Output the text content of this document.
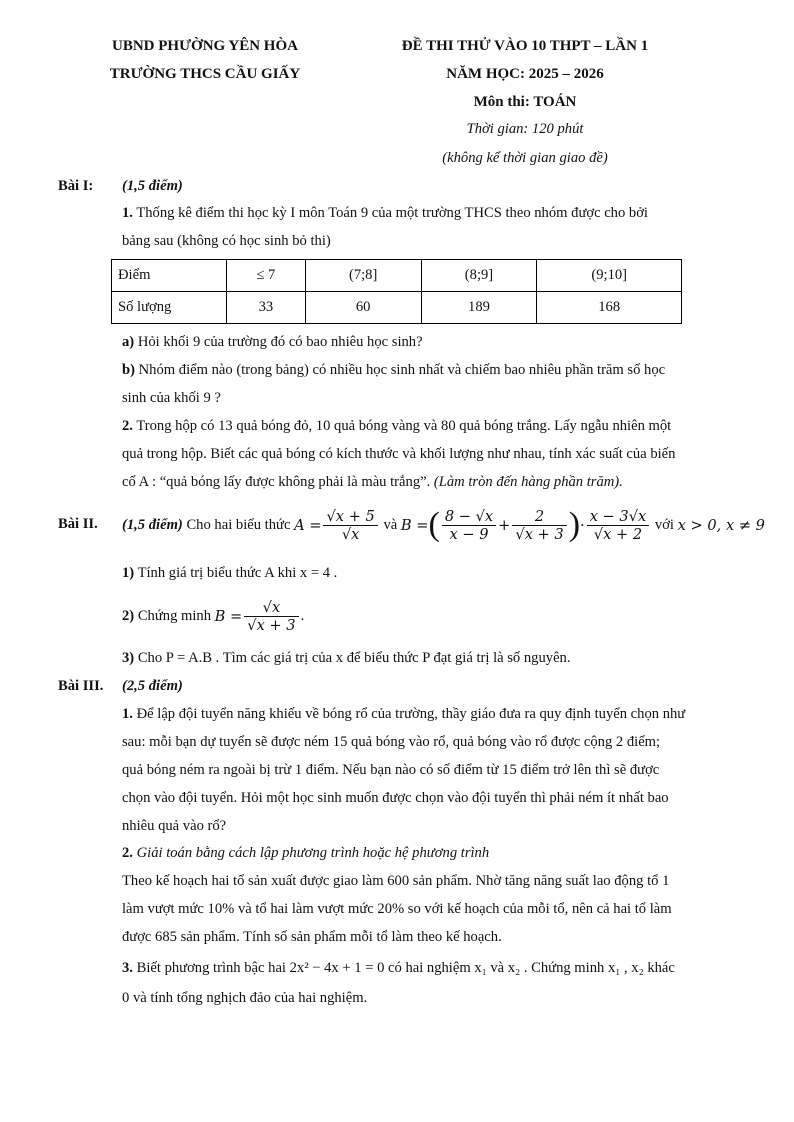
UBND PHƯỜNG YÊN HÒA
TRƯỜNG THCS CẦU GIẤY
ĐỀ THI THỬ VÀO 10 THPT – LẦN 1
NĂM HỌC: 2025 – 2026
Môn thi: TOÁN
Thời gian: 120 phút
(không kể thời gian giao đề)
Bài I: (1,5 điểm)
1. Thống kê điểm thi học kỳ I môn Toán 9 của một trường THCS theo nhóm được cho bởi
bảng sau (không có học sinh bỏ thi)
Điểm	≤ 7	(7;8]	(8;9]	(9;10]
Số lượng	33	60	189	168
a) Hỏi khối 9 của trường đó có bao nhiêu học sinh?
b) Nhóm điểm nào (trong bảng) có nhiều học sinh nhất và chiếm bao nhiêu phần trăm số học
sinh của khối 9 ?
2. Trong hộp có 13 quả bóng đỏ, 10 quả bóng vàng và 80 quả bóng trắng. Lấy ngẫu nhiên một
quả trong hộp. Biết các quả bóng có kích thước và khối lượng như nhau, tính xác suất của biến
cố A : “quả bóng lấy được không phải là màu trắng”. (Làm tròn đến hàng phần trăm).
Bài II. (1,5 điểm)
Cho hai biểu thức
$A = \frac{√x + 5}{√x}$
và
B = ( $\frac{8 - √x}{x - 9} + \frac{2}{√x + 3}$ ) · $\frac{x - 3√x}{√x + 2}$
với
x > 0, x ≠ 9
1) Tính giá trị biểu thức A khi x = 4 .
2)
Chứng minh
$B = \frac{√x}{√x + 3}$ .
3) Cho P = A.B . Tìm các giá trị của x để biểu thức P đạt giá trị là số nguyên.
Bài III. (2,5 điểm)
1. Để lập đội tuyển năng khiếu về bóng rổ của trường, thầy giáo đưa ra quy định tuyển chọn như
sau: mỗi bạn dự tuyển sẽ được ném 15 quả bóng vào rổ, quả bóng vào rổ được cộng 2 điểm;
quả bóng ném ra ngoài bị trừ 1 điểm. Nếu bạn nào có số điểm từ 15 điểm trở lên thì sẽ được
chọn vào đội tuyển. Hỏi một học sinh muốn được chọn vào đội tuyển thì phải ném ít nhất bao
nhiêu quả vào rổ?
2. Giải toán bằng cách lập phương trình hoặc hệ phương trình
Theo kế hoạch hai tổ sản xuất được giao làm 600 sản phẩm. Nhờ tăng năng suất lao động tổ 1
làm vượt mức 10% và tổ hai làm vượt mức 20% so với kế hoạch của mỗi tổ, nên cả hai tổ làm
được 685 sản phẩm. Tính số sản phẩm mỗi tổ làm theo kế hoạch.
3. Biết phương trình bậc hai 2x² − 4x + 1 = 0 có hai nghiệm x₁ và x₂ . Chứng minh x₁ , x₂ khác
0 và tính tổng nghịch đảo của hai nghiệm.
